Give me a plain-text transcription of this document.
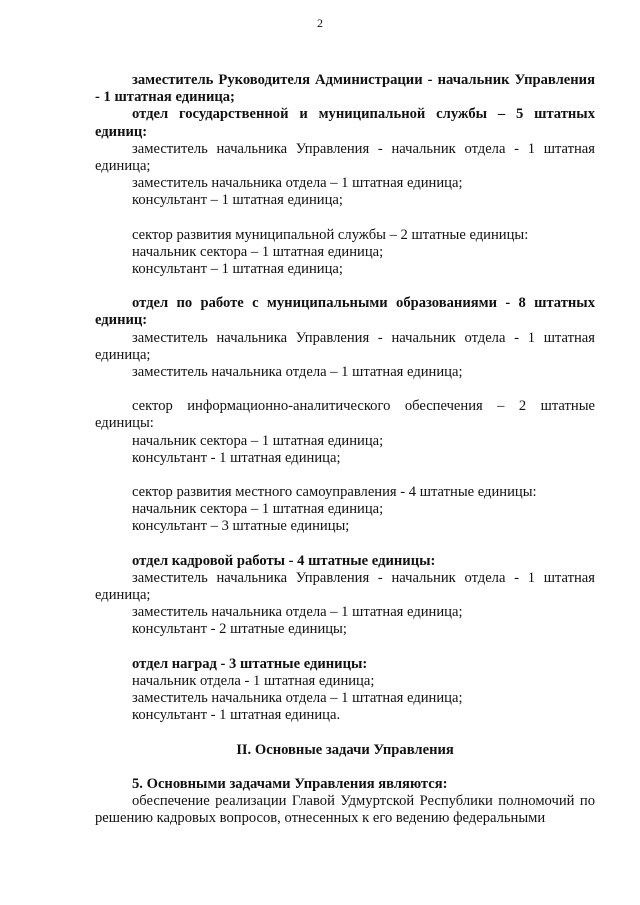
2
заместитель Руководителя Администрации - начальник Управления - 1 штатная единица;
отдел государственной и муниципальной службы – 5 штатных единиц:
заместитель начальника Управления - начальник отдела - 1 штатная единица;
заместитель начальника отдела – 1 штатная единица;
консультант – 1 штатная единица;
сектор развития муниципальной службы – 2 штатные единицы:
начальник сектора – 1 штатная единица;
консультант – 1 штатная единица;
отдел по работе с муниципальными образованиями - 8 штатных единиц:
заместитель начальника Управления - начальник отдела - 1 штатная единица;
заместитель начальника отдела – 1 штатная единица;
сектор информационно-аналитического обеспечения – 2 штатные единицы:
начальник сектора – 1 штатная единица;
консультант - 1 штатная единица;
сектор развития местного самоуправления - 4 штатные единицы:
начальник сектора – 1 штатная единица;
консультант – 3 штатные единицы;
отдел кадровой работы - 4 штатные единицы:
заместитель начальника Управления - начальник отдела - 1 штатная единица;
заместитель начальника отдела – 1 штатная единица;
консультант - 2 штатные единицы;
отдел наград - 3 штатные единицы:
начальник отдела - 1 штатная единица;
заместитель начальника отдела – 1 штатная единица;
консультант - 1 штатная единица.
II. Основные задачи Управления
5. Основными задачами Управления являются:
обеспечение реализации Главой Удмуртской Республики полномочий по решению кадровых вопросов, отнесенных к его ведению федеральными
